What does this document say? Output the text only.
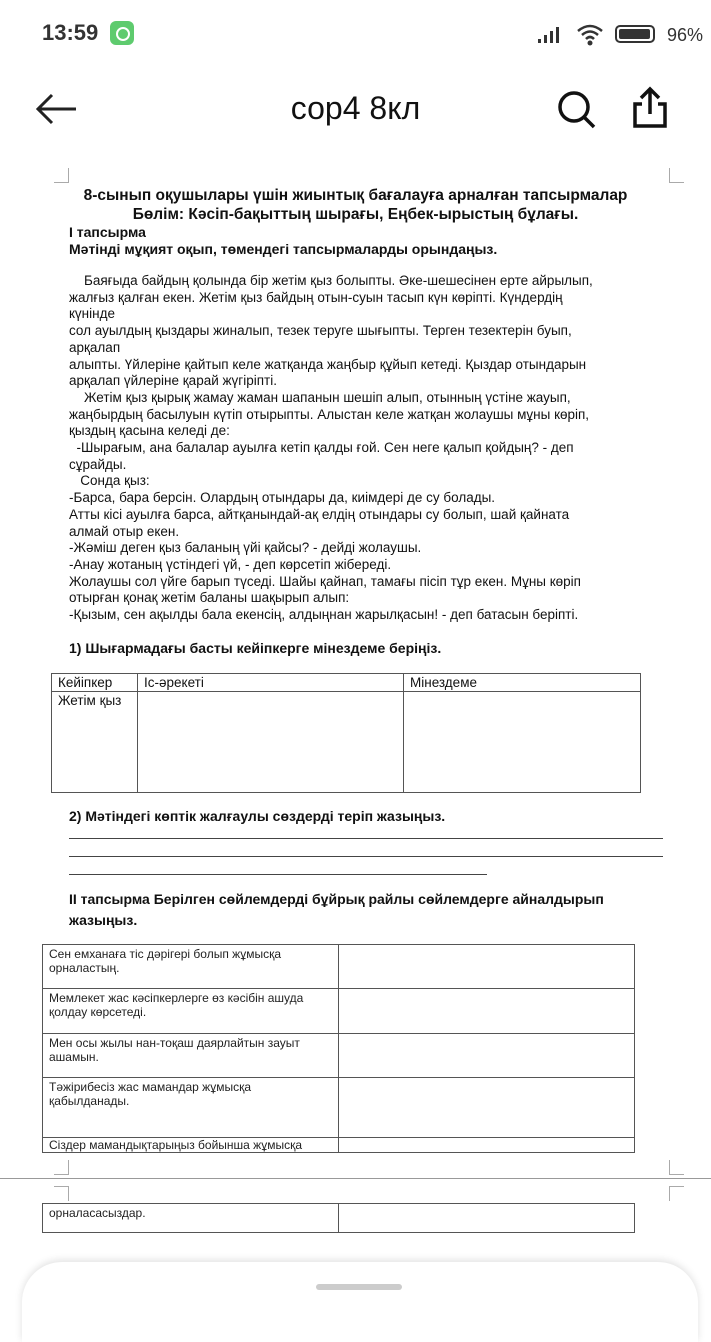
13:59	96%
сор4 8кл
8-сынып оқушылары үшін жиынтық бағалауға арналған тапсырмалар
Бөлім: Кәсіп-бақыттың шырағы, Еңбек-ырыстың бұлағы.
I тапсырма
Мәтінді мұқият оқып, төмендегі тапсырмаларды орындаңыз.
Баяғыда байдың қолында бір жетім қыз болыпты. Әке-шешесінен ерте айрылып,
жалғыз қалған екен. Жетім қыз байдың отын-суын тасып күн көріпті. Күндердің
күнінде
сол ауылдың қыздары жиналып, тезек теруге шығыпты. Терген тезектерін буып,
арқалап
алыпты. Үйлеріне қайтып келе жатқанда жаңбыр құйып кетеді. Қыздар отындарын
арқалап үйлеріне қарай жүгіріпті.
Жетім қыз қырық жамау жаман шапанын шешіп алып, отынның үстіне жауып,
жаңбырдың басылуын күтіп отырыпты. Алыстан келе жатқан жолаушы мұны көріп,
қыздың қасына келеді де:
-Шырағым, ана балалар ауылға кетіп қалды ғой. Сен неге қалып қойдың? - деп
сұрайды.
Сонда қыз:
-Барса, бара берсін. Олардың отындары да, киімдері де су болады.
Атты кісі ауылға барса, айтқанындай-ақ елдің отындары су болып, шай қайната
алмай отыр екен.
-Жәміш деген қыз баланың үйі қайсы? - дейді жолаушы.
-Анау жотаның үстіндегі үй, - деп көрсетіп жібереді.
Жолаушы сол үйге барып түседі. Шайы қайнап, тамағы пісіп тұр екен. Мұны көріп
отырған қонақ жетім баланы шақырып алып:
-Қызым, сен ақылды бала екенсің, алдыңнан жарылқасын! - деп батасын беріпті.
1) Шығармадағы басты кейіпкерге мінездеме беріңіз.
Кейіпкер	Іс-әрекеті	Мінездеме
Жетім қыз		
2) Мәтіндегі көптік жалғаулы сөздерді теріп жазыңыз.
II тапсырма Берілген сөйлемдерді бұйрық райлы сөйлемдерге айналдырып
жазыңыз.
Сен емханаға тіс дәрігері болып жұмысқа орналастың.	
Мемлекет жас кәсіпкерлерге өз кәсібін ашуда қолдау көрсетеді.	
Мен осы жылы нан-тоқаш даярлайтын зауыт ашамын.	
Тәжірибесіз жас мамандар жұмысқа қабылданады.	
Сіздер мамандықтарыңыз бойынша жұмысқа	
орналасасыздар.	
